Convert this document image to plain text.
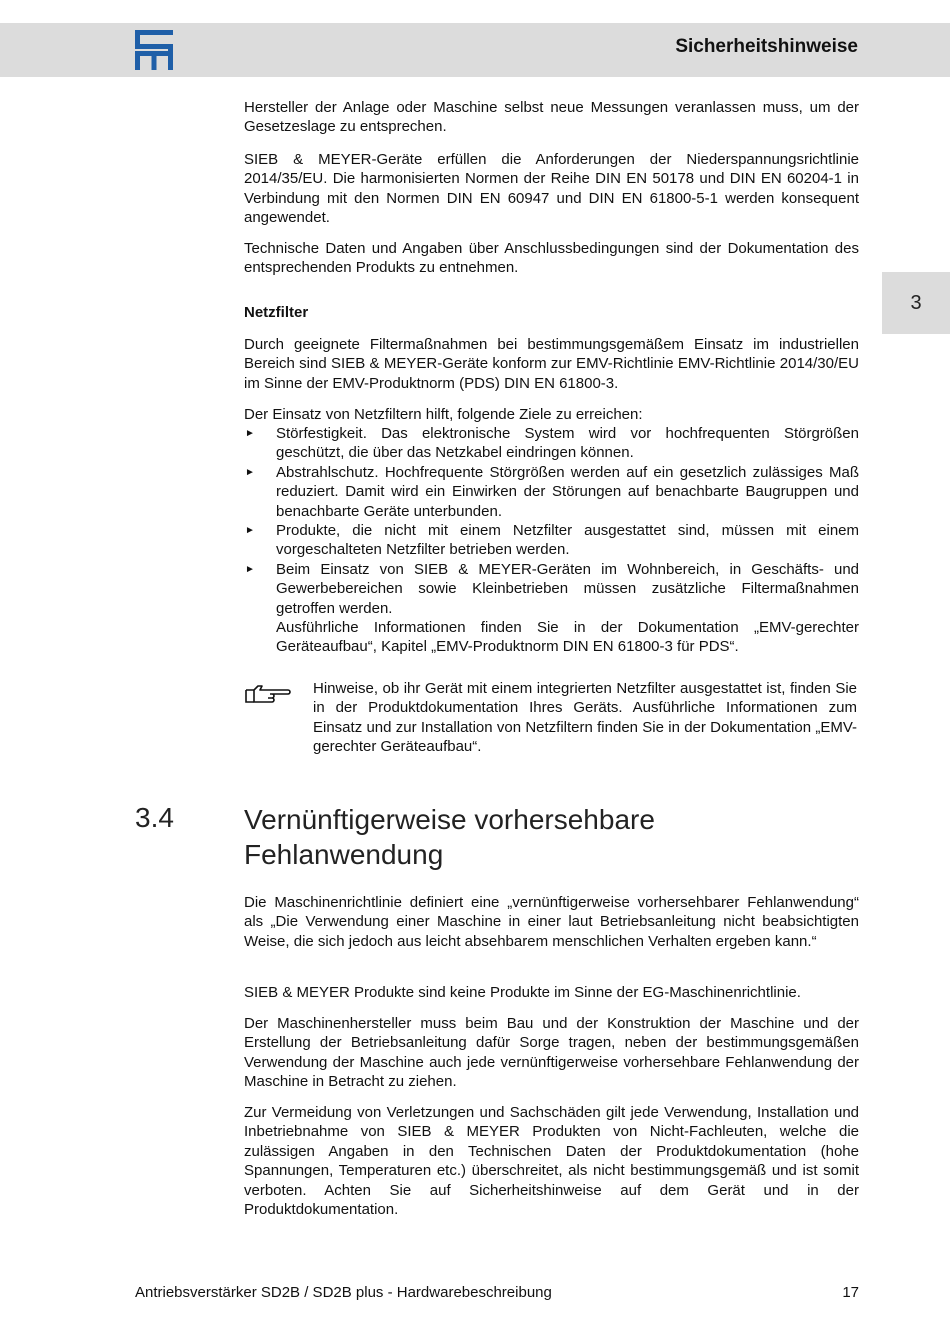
Sicherheitshinweise
3
Hersteller der Anlage oder Maschine selbst neue Messungen veranlassen muss, um der Gesetzeslage zu entsprechen.
SIEB & MEYER-Geräte erfüllen die Anforderungen der Niederspannungsrichtlinie 2014/35/EU. Die harmonisierten Normen der Reihe DIN EN 50178 und DIN EN 60204-1 in Verbindung mit den Normen DIN EN 60947 und DIN EN 61800-5-1 werden konsequent angewendet.
Technische Daten und Angaben über Anschlussbedingungen sind der Dokumentation des entsprechenden Produkts zu entnehmen.
Netzfilter
Durch geeignete Filtermaßnahmen bei bestimmungsgemäßem Einsatz im industriellen Bereich sind SIEB & MEYER-Geräte konform zur EMV-Richtlinie EMV-Richtlinie 2014/30/EU im Sinne der EMV-Produktnorm (PDS) DIN EN 61800-3.
Der Einsatz von Netzfiltern hilft, folgende Ziele zu erreichen:
► Störfestigkeit. Das elektronische System wird vor hochfrequenten Störgrößen geschützt, die über das Netzkabel eindringen können.
► Abstrahlschutz. Hochfrequente Störgrößen werden auf ein gesetzlich zulässiges Maß reduziert. Damit wird ein Einwirken der Störungen auf benachbarte Baugruppen und benachbarte Geräte unterbunden.
► Produkte, die nicht mit einem Netzfilter ausgestattet sind, müssen mit einem vorgeschalteten Netzfilter betrieben werden.
► Beim Einsatz von SIEB & MEYER-Geräten im Wohnbereich, in Geschäfts- und Gewerbebereichen sowie Kleinbetrieben müssen zusätzliche Filtermaßnahmen getroffen werden.
Ausführliche Informationen finden Sie in der Dokumentation „EMV-gerechter Geräteaufbau“, Kapitel „EMV-Produktnorm DIN EN 61800-3 für PDS“.
Hinweise, ob ihr Gerät mit einem integrierten Netzfilter ausgestattet ist, finden Sie in der Produktdokumentation Ihres Geräts. Ausführliche Informationen zum Einsatz und zur Installation von Netzfiltern finden Sie in der Dokumentation „EMV-gerechter Geräteaufbau“.
3.4	Vernünftigerweise vorhersehbare
Fehlanwendung
Die Maschinenrichtlinie definiert eine „vernünftigerweise vorhersehbarer Fehlanwendung“ als „Die Verwendung einer Maschine in einer laut Betriebsanleitung nicht beabsichtigten Weise, die sich jedoch aus leicht absehbarem menschlichen Verhalten ergeben kann.“
SIEB & MEYER Produkte sind keine Produkte im Sinne der EG-Maschinenrichtlinie.
Der Maschinenhersteller muss beim Bau und der Konstruktion der Maschine und der Erstellung der Betriebsanleitung dafür Sorge tragen, neben der bestimmungsgemäßen Verwendung der Maschine auch jede vernünftigerweise vorhersehbare Fehlanwendung der Maschine in Betracht zu ziehen.
Zur Vermeidung von Verletzungen und Sachschäden gilt jede Verwendung, Installation und Inbetriebnahme von SIEB & MEYER Produkten von Nicht-Fachleuten, welche die zulässigen Angaben in den Technischen Daten der Produktdokumentation (hohe Spannungen, Temperaturen etc.) überschreitet, als nicht bestimmungsgemäß und ist somit verboten. Achten Sie auf Sicherheitshinweise auf dem Gerät und in der Produktdokumentation.
Antriebsverstärker SD2B / SD2B plus - Hardwarebeschreibung	17
